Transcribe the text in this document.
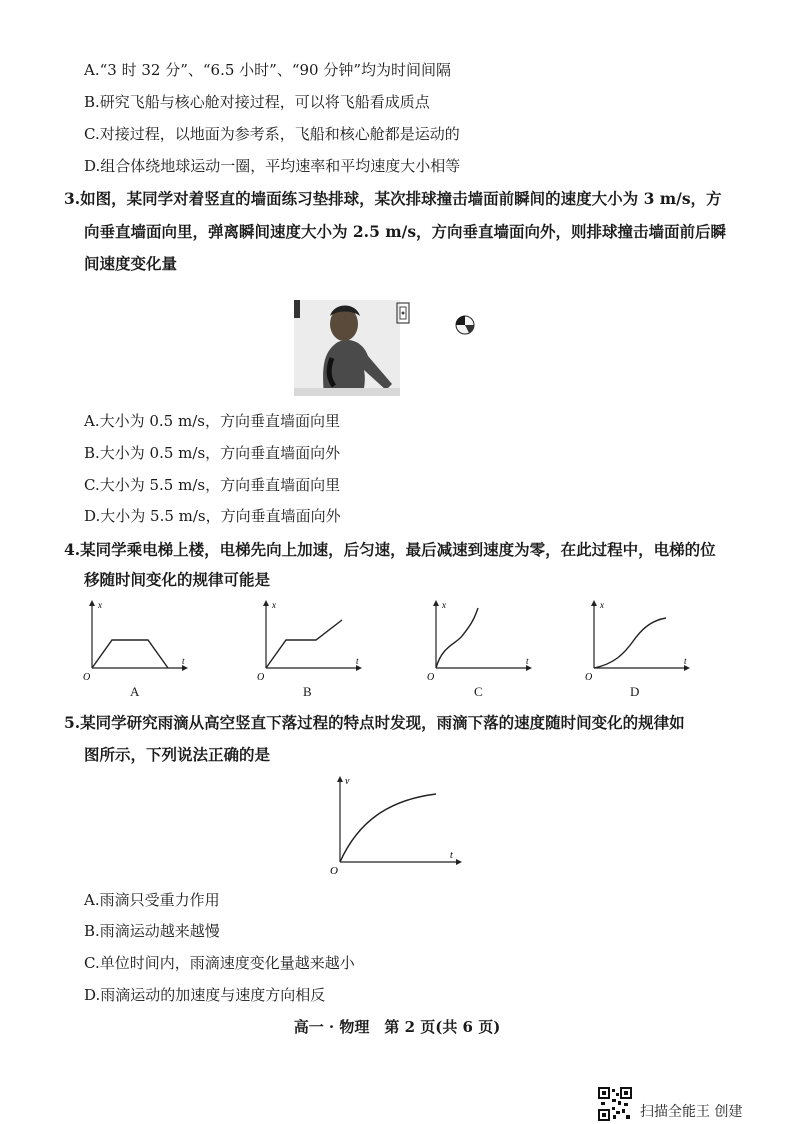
A.“3 时 32 分”、“6.5 小时”、“90 分钟”均为时间间隔
B.研究飞船与核心舱对接过程，可以将飞船看成质点
C.对接过程，以地面为参考系，飞船和核心舱都是运动的
D.组合体绕地球运动一圈，平均速率和平均速度大小相等
3.如图，某同学对着竖直的墙面练习垫排球，某次排球撞击墙面前瞬间的速度大小为 3 m/s，方
向垂直墙面向里，弹离瞬间速度大小为 2.5 m/s，方向垂直墙面向外，则排球撞击墙面前后瞬
间速度变化量
A.大小为 0.5 m/s，方向垂直墙面向里
B.大小为 0.5 m/s，方向垂直墙面向外
C.大小为 5.5 m/s，方向垂直墙面向里
D.大小为 5.5 m/s，方向垂直墙面向外
4.某同学乘电梯上楼，电梯先向上加速，后匀速，最后减速到速度为零，在此过程中，电梯的位
移随时间变化的规律可能是
x
t
O
A
x
t
O
B
x
t
O
C
x
t
O
D
5.某同学研究雨滴从高空竖直下落过程的特点时发现，雨滴下落的速度随时间变化的规律如
图所示，下列说法正确的是
v
t
O
A.雨滴只受重力作用
B.雨滴运动越来越慢
C.单位时间内，雨滴速度变化量越来越小
D.雨滴运动的加速度与速度方向相反
高一 · 物理　第 2 页(共 6 页)
扫描全能王 创建
